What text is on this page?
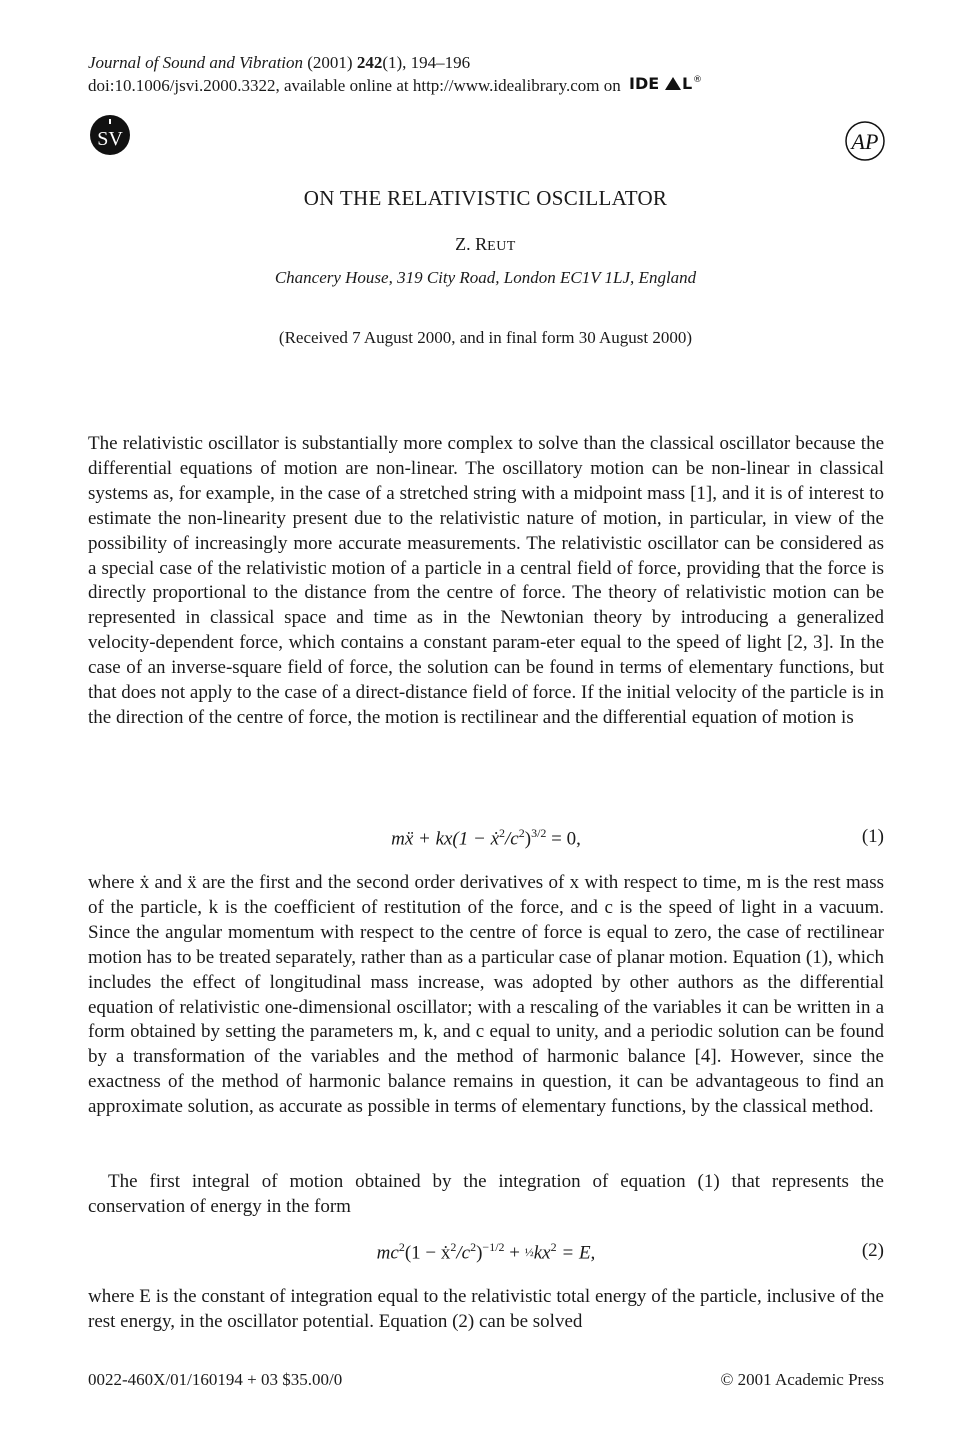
Journal of Sound and Vibration (2001) 242(1), 194–196
doi:10.1006/jsvi.2000.3322, available online at http://www.idealibrary.com on IDE L ®
SV	AP
ON THE RELATIVISTIC OSCILLATOR
Z. REUT
Chancery House, 319 City Road, London EC1V 1LJ, England
(Received 7 August 2000, and in final form 30 August 2000)

The relativistic oscillator is substantially more complex to solve than the classical oscillator because the differential equations of motion are non-linear. The oscillatory motion can be non-linear in classical systems as, for example, in the case of a stretched string with a midpoint mass [1], and it is of interest to estimate the non-linearity present due to the relativistic nature of motion, in particular, in view of the possibility of increasingly more accurate measurements. The relativistic oscillator can be considered as a special case of the relativistic motion of a particle in a central field of force, providing that the force is directly proportional to the distance from the centre of force. The theory of relativistic motion can be represented in classical space and time as in the Newtonian theory by introducing a generalized velocity-dependent force, which contains a constant param-eter equal to the speed of light [2, 3]. In the case of an inverse-square field of force, the solution can be found in terms of elementary functions, but that does not apply to the case of a direct-distance field of force. If the initial velocity of the particle is in the direction of the centre of force, the motion is rectilinear and the differential equation of motion is

mẍ + $kx(1 - ẋ^2/c^2)^{3/2} = 0$,	(1)

where ẋ and ẍ are the first and the second order derivatives of x with respect to time, m is the rest mass of the particle, k is the coefficient of restitution of the force, and c is the speed of light in a vacuum. Since the angular momentum with respect to the centre of force is equal to zero, the case of rectilinear motion has to be treated separately, rather than as a particular case of planar motion. Equation (1), which includes the effect of longitudinal mass increase, was adopted by other authors as the differential equation of relativistic one-dimensional oscillator; with a rescaling of the variables it can be written in a form obtained by setting the parameters m, k, and c equal to unity, and a periodic solution can be found by a transformation of the variables and the method of harmonic balance [4]. However, since the exactness of the method of harmonic balance remains in question, it can be advantageous to find an approximate solution, as accurate as possible in terms of elementary functions, by the classical method.

The first integral of motion obtained by the integration of equation (1) that represents the conservation of energy in the form

$mc^2(1$ − $ẋ^2/c^2)^{-1/2}$ + $\frac{1}{2}kx^2 = E$,	(2)

where E is the constant of integration equal to the relativistic total energy of the particle, inclusive of the rest energy, in the oscillator potential. Equation (2) can be solved

0022-460X/01/160194 + 03 $35.00/0	© 2001 Academic Press
